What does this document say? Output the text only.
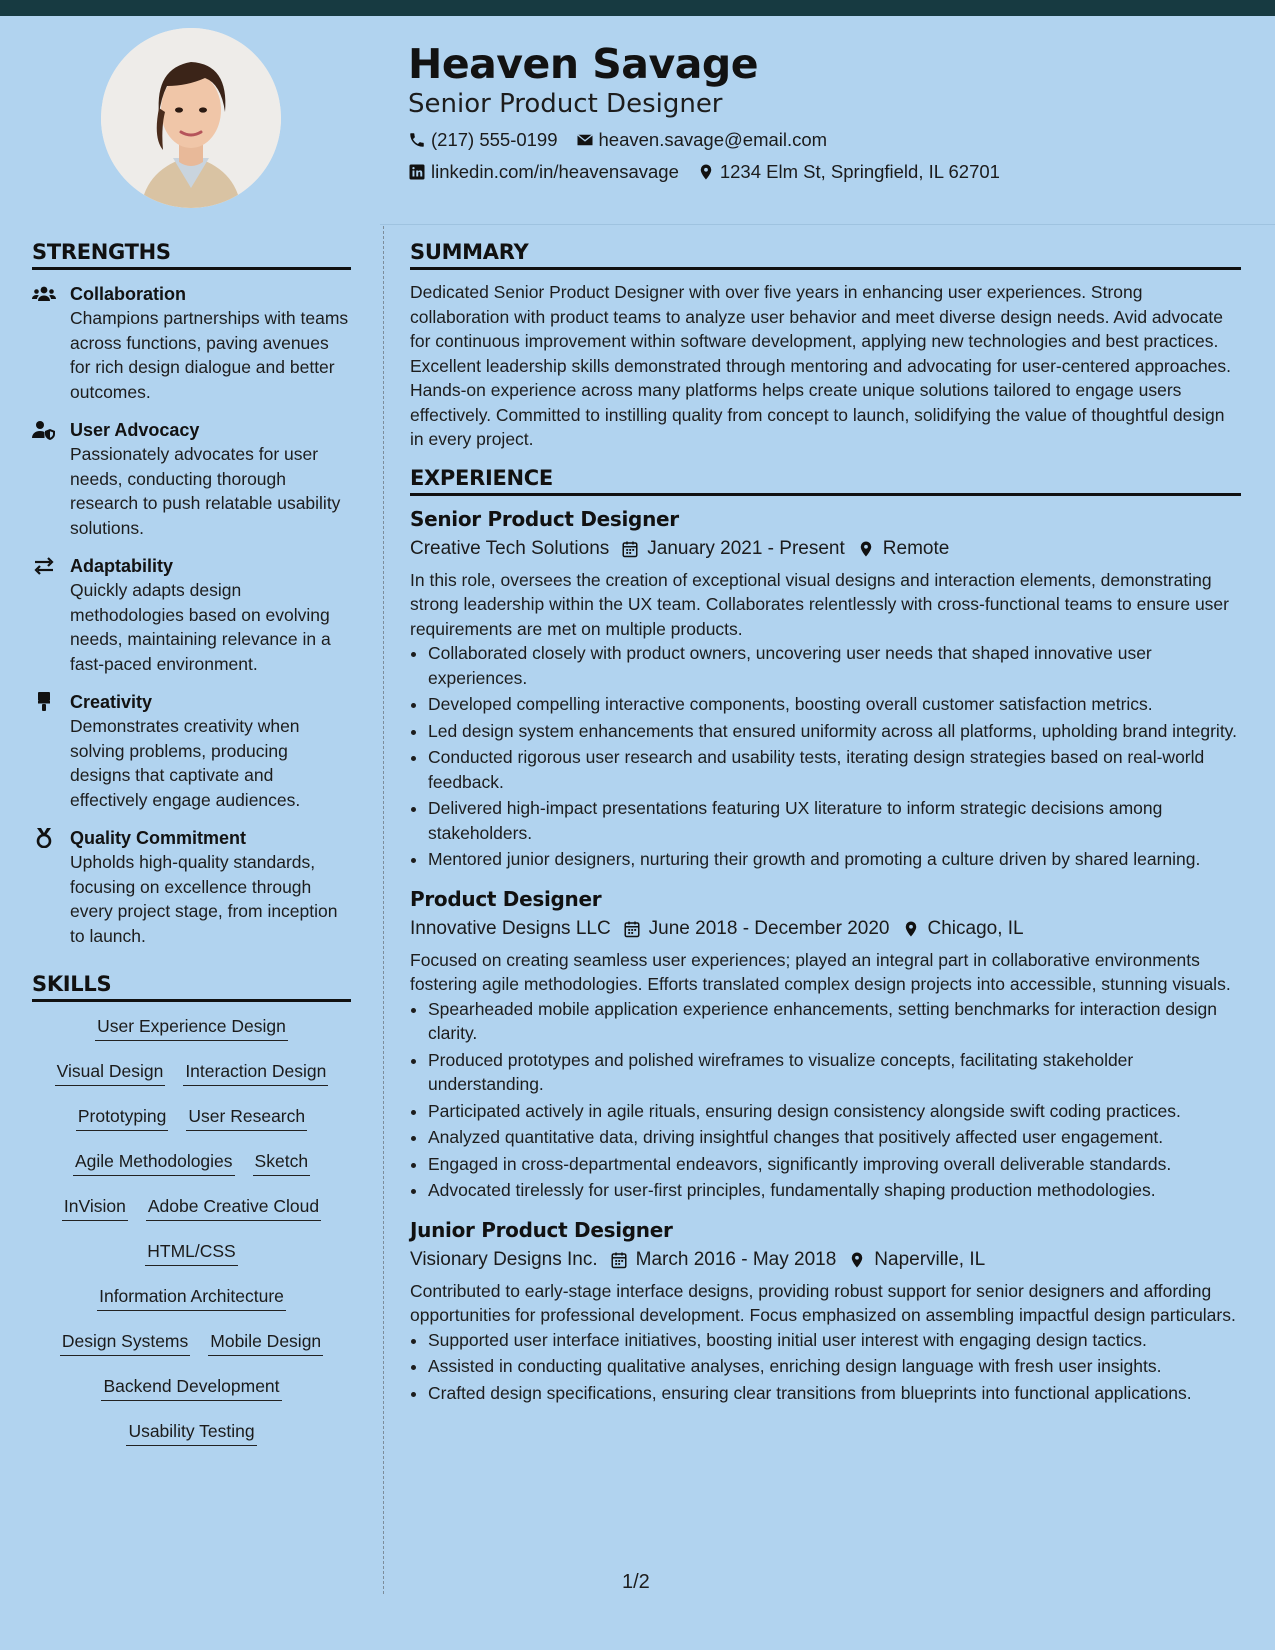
Heaven Savage
Senior Product Designer
(217) 555-0199 heaven.savage@email.com
linkedin.com/in/heavensavage 1234 Elm St, Springfield, IL 62701
STRENGTHS
Collaboration
Champions partnerships with teams across functions, paving avenues for rich design dialogue and better outcomes.
User Advocacy
Passionately advocates for user needs, conducting thorough research to push relatable usability solutions.
Adaptability
Quickly adapts design methodologies based on evolving needs, maintaining relevance in a fast-paced environment.
Creativity
Demonstrates creativity when solving problems, producing designs that captivate and effectively engage audiences.
Quality Commitment
Upholds high-quality standards, focusing on excellence through every project stage, from inception to launch.
SKILLS
User Experience Design
Visual Design Interaction Design
Prototyping User Research
Agile Methodologies Sketch
InVision Adobe Creative Cloud
HTML/CSS
Information Architecture
Design Systems Mobile Design
Backend Development
Usability Testing
SUMMARY

Dedicated Senior Product Designer with over five years in enhancing user experiences. Strong collaboration with product teams to analyze user behavior and meet diverse design needs. Avid advocate for continuous improvement within software development, applying new technologies and best practices. Excellent leadership skills demonstrated through mentoring and advocating for user-centered approaches. Hands-on experience across many platforms helps create unique solutions tailored to engage users effectively. Committed to instilling quality from concept to launch, solidifying the value of thoughtful design in every project.

EXPERIENCE
Senior Product Designer
Creative Tech Solutions January 2021 - Present Remote
In this role, oversees the creation of exceptional visual designs and interaction elements, demonstrating strong leadership within the UX team. Collaborates relentlessly with cross-functional teams to ensure user requirements are met on multiple products.
• Collaborated closely with product owners, uncovering user needs that shaped innovative user experiences.
• Developed compelling interactive components, boosting overall customer satisfaction metrics.
• Led design system enhancements that ensured uniformity across all platforms, upholding brand integrity.
• Conducted rigorous user research and usability tests, iterating design strategies based on real-world feedback.
• Delivered high-impact presentations featuring UX literature to inform strategic decisions among stakeholders.
• Mentored junior designers, nurturing their growth and promoting a culture driven by shared learning.
Product Designer
Innovative Designs LLC June 2018 - December 2020 Chicago, IL
Focused on creating seamless user experiences; played an integral part in collaborative environments fostering agile methodologies. Efforts translated complex design projects into accessible, stunning visuals.
• Spearheaded mobile application experience enhancements, setting benchmarks for interaction design clarity.
• Produced prototypes and polished wireframes to visualize concepts, facilitating stakeholder understanding.
• Participated actively in agile rituals, ensuring design consistency alongside swift coding practices.
• Analyzed quantitative data, driving insightful changes that positively affected user engagement.
• Engaged in cross-departmental endeavors, significantly improving overall deliverable standards.
• Advocated tirelessly for user-first principles, fundamentally shaping production methodologies.
Junior Product Designer
Visionary Designs Inc. March 2016 - May 2018 Naperville, IL
Contributed to early-stage interface designs, providing robust support for senior designers and affording opportunities for professional development. Focus emphasized on assembling impactful design particulars.
• Supported user interface initiatives, boosting initial user interest with engaging design tactics.
• Assisted in conducting qualitative analyses, enriching design language with fresh user insights.
• Crafted design specifications, ensuring clear transitions from blueprints into functional applications.
1/2
